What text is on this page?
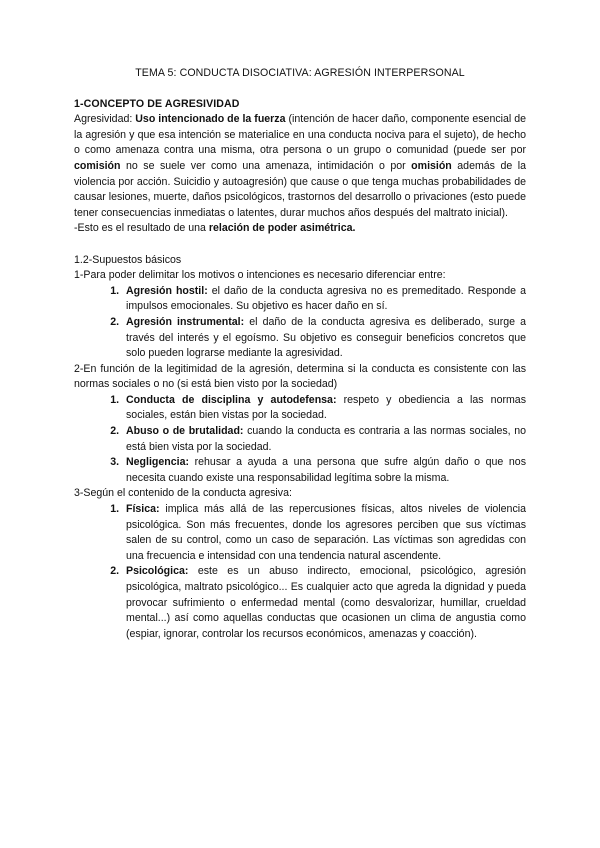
TEMA 5: CONDUCTA DISOCIATIVA: AGRESIÓN INTERPERSONAL
1-CONCEPTO DE AGRESIVIDAD

Agresividad: Uso intencionado de la fuerza (intención de hacer daño, componente esencial de la agresión y que esa intención se materialice en una conducta nociva para el sujeto), de hecho o como amenaza contra una misma, otra persona o un grupo o comunidad (puede ser por comisión no se suele ver como una amenaza, intimidación o por omisión además de la violencia por acción. Suicidio y autoagresión) que cause o que tenga muchas probabilidades de causar lesiones, muerte, daños psicológicos, trastornos del desarrollo o privaciones (esto puede tener consecuencias inmediatas o latentes, durar muchos años después del maltrato inicial).

-Esto es el resultado de una relación de poder asimétrica.

1.2-Supuestos básicos

1-Para poder delimitar los motivos o intenciones es necesario diferenciar entre:

1. Agresión hostil: el daño de la conducta agresiva no es premeditado. Responde a impulsos emocionales. Su objetivo es hacer daño en sí.
2. Agresión instrumental: el daño de la conducta agresiva es deliberado, surge a través del interés y el egoísmo. Su objetivo es conseguir beneficios concretos que solo pueden lograrse mediante la agresividad.

2-En función de la legitimidad de la agresión, determina si la conducta es consistente con las normas sociales o no (si está bien visto por la sociedad)

1. Conducta de disciplina y autodefensa: respeto y obediencia a las normas sociales, están bien vistas por la sociedad.
2. Abuso o de brutalidad: cuando la conducta es contraria a las normas sociales, no está bien vista por la sociedad.
3. Negligencia: rehusar a ayuda a una persona que sufre algún daño o que nos necesita cuando existe una responsabilidad legítima sobre la misma.

3-Según el contenido de la conducta agresiva:

1. Física: implica más allá de las repercusiones físicas, altos niveles de violencia psicológica. Son más frecuentes, donde los agresores perciben que sus víctimas salen de su control, como un caso de separación. Las víctimas son agredidas con una frecuencia e intensidad con una tendencia natural ascendente.
2. Psicológica: este es un abuso indirecto, emocional, psicológico, agresión psicológica, maltrato psicológico... Es cualquier acto que agreda la dignidad y pueda provocar sufrimiento o enfermedad mental (como desvalorizar, humillar, crueldad mental...) así como aquellas conductas que ocasionen un clima de angustia como (espiar, ignorar, controlar los recursos económicos, amenazas y coacción).
